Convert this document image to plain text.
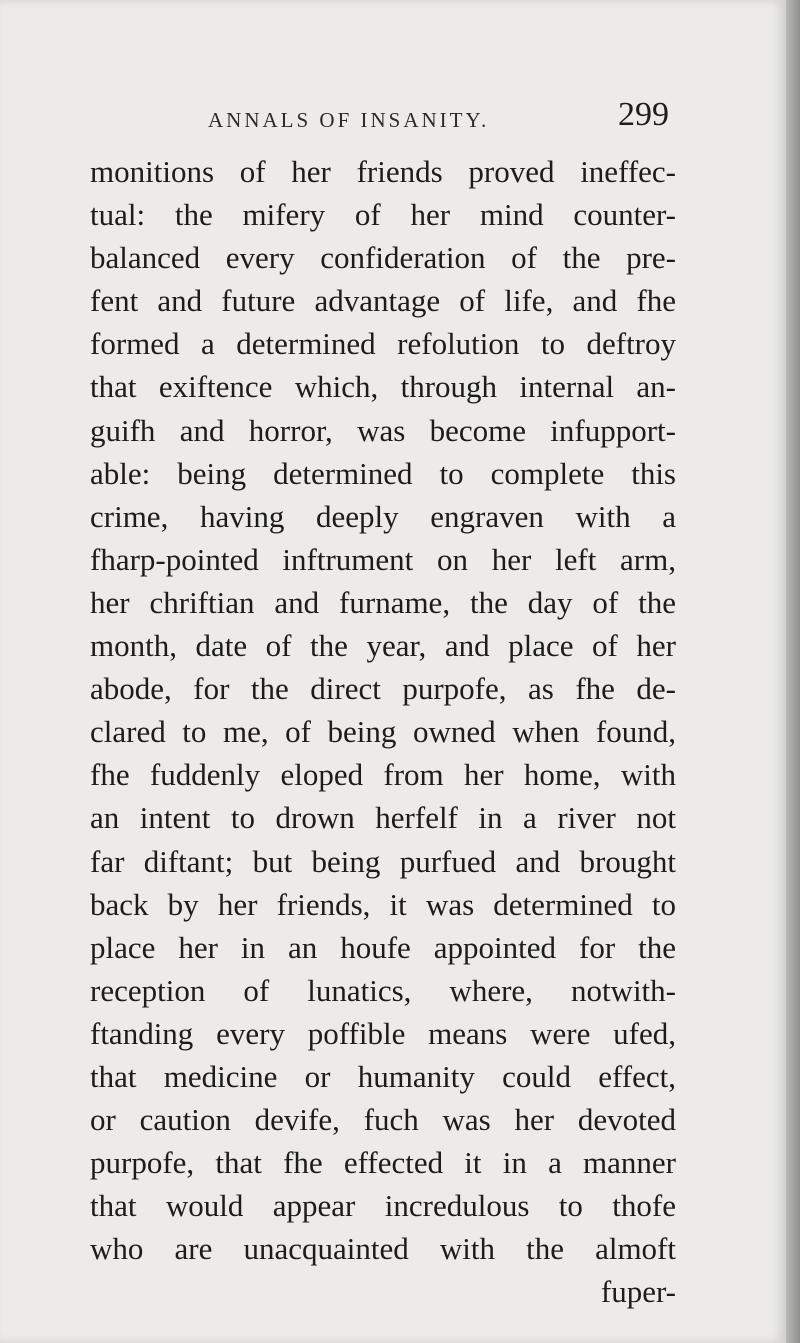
ANNALS OF INSANITY.	299
monitions of her friends proved ineffec-
tual: the mifery of her mind counter-
balanced every confideration of the pre-
fent and future advantage of life, and fhe
formed a determined refolution to deftroy
that exiftence which, through internal an-
guifh and horror, was become infupport-
able: being determined to complete this
crime, having deeply engraven with a
fharp-pointed inftrument on her left arm,
her chriftian and furname, the day of the
month, date of the year, and place of her
abode, for the direct purpofe, as fhe de-
clared to me, of being owned when found,
fhe fuddenly eloped from her home, with
an intent to drown herfelf in a river not
far diftant; but being purfued and brought
back by her friends, it was determined to
place her in an houfe appointed for the
reception of lunatics, where, notwith-
ftanding every poffible means were ufed,
that medicine or humanity could effect,
or caution devife, fuch was her devoted
purpofe, that fhe effected it in a manner
that would appear incredulous to thofe
who are unacquainted with the almoft
fuper-
